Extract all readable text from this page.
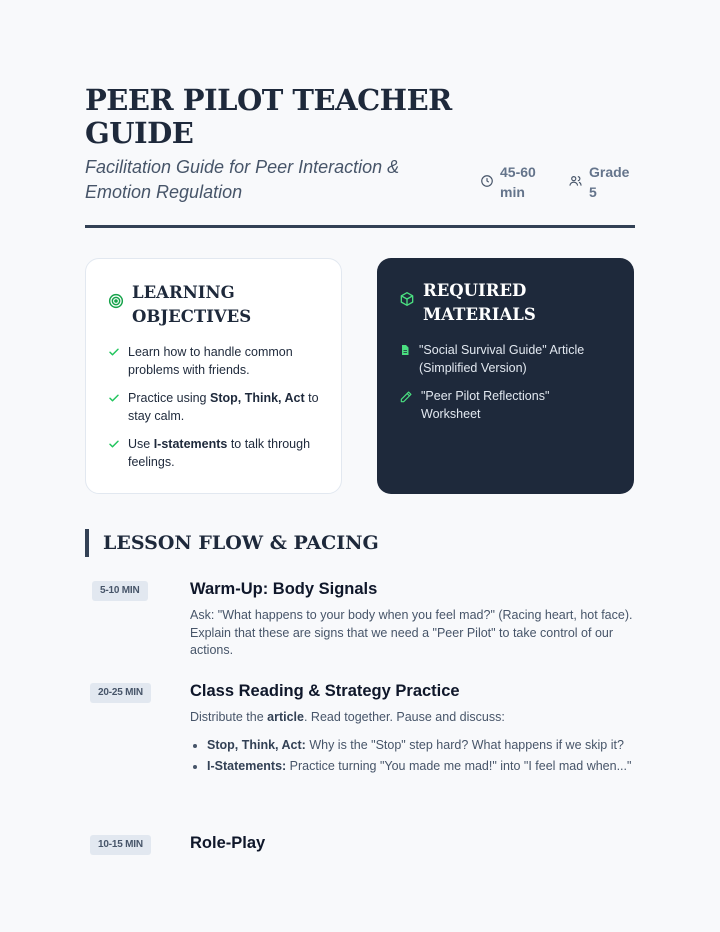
PEER PILOT TEACHER GUIDE

Facilitation Guide for Peer Interaction & Emotion Regulation

45-60 min
Grade 5
LEARNING OBJECTIVES
Learn how to handle common problems with friends.
Practice using Stop, Think, Act to stay calm.
Use I-statements to talk through feelings.
REQUIRED MATERIALS
"Social Survival Guide" Article (Simplified Version)
"Peer Pilot Reflections" Worksheet
LESSON FLOW & PACING
5-10 MIN	Warm-Up: Body Signals

Ask: "What happens to your body when you feel mad?" (Racing heart, hot face). Explain that these are signs that we need a "Peer Pilot" to take control of our actions.

20-25 MIN	Class Reading & Strategy Practice

Distribute the article. Read together. Pause and discuss:

• Stop, Think, Act: Why is the "Stop" step hard? What happens if we skip it?
• I-Statements: Practice turning "You made me mad!" into "I feel mad when..."
10-15 MIN	Role-Play
